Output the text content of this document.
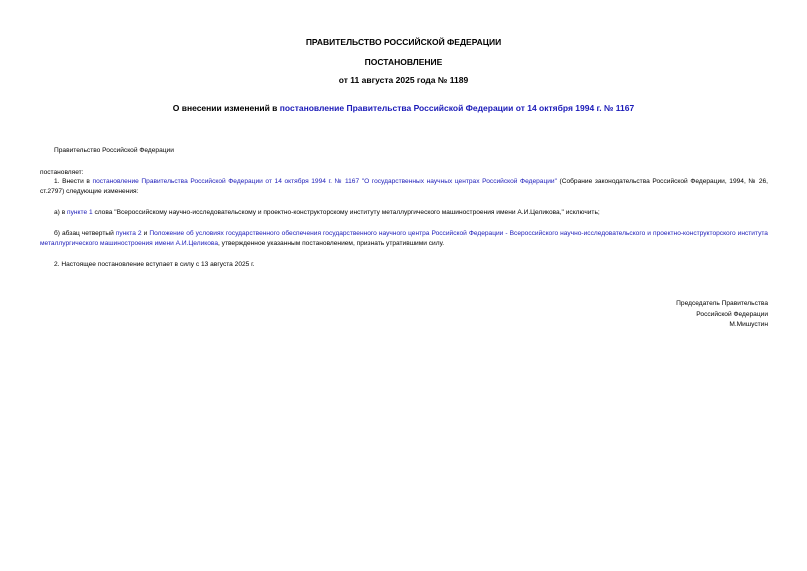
ПРАВИТЕЛЬСТВО РОССИЙСКОЙ ФЕДЕРАЦИИ
ПОСТАНОВЛЕНИЕ
от 11 августа 2025 года № 1189
О внесении изменений в постановление Правительства Российской Федерации от 14 октября 1994 г. № 1167
Правительство Российской Федерации
постановляет:
1. Внести в постановление Правительства Российской Федерации от 14 октября 1994 г. № 1167 "О государственных научных центрах Российской Федерации" (Собрание законодательства Российской Федерации, 1994, № 26, ст.2797) следующие изменения:
а) в пункте 1 слова "Всероссийскому научно-исследовательскому и проектно-конструкторскому институту металлургического машиностроения имени А.И.Целикова," исключить;
б) абзац четвертый пункта 2 и Положение об условиях государственного обеспечения государственного научного центра Российской Федерации - Всероссийского научно-исследовательского и проектно-конструкторского института металлургического машиностроения имени А.И.Целикова, утвержденное указанным постановлением, признать утратившими силу.
2. Настоящее постановление вступает в силу с 13 августа 2025 г.
Председатель Правительства
Российской Федерации
М.Мишустин
